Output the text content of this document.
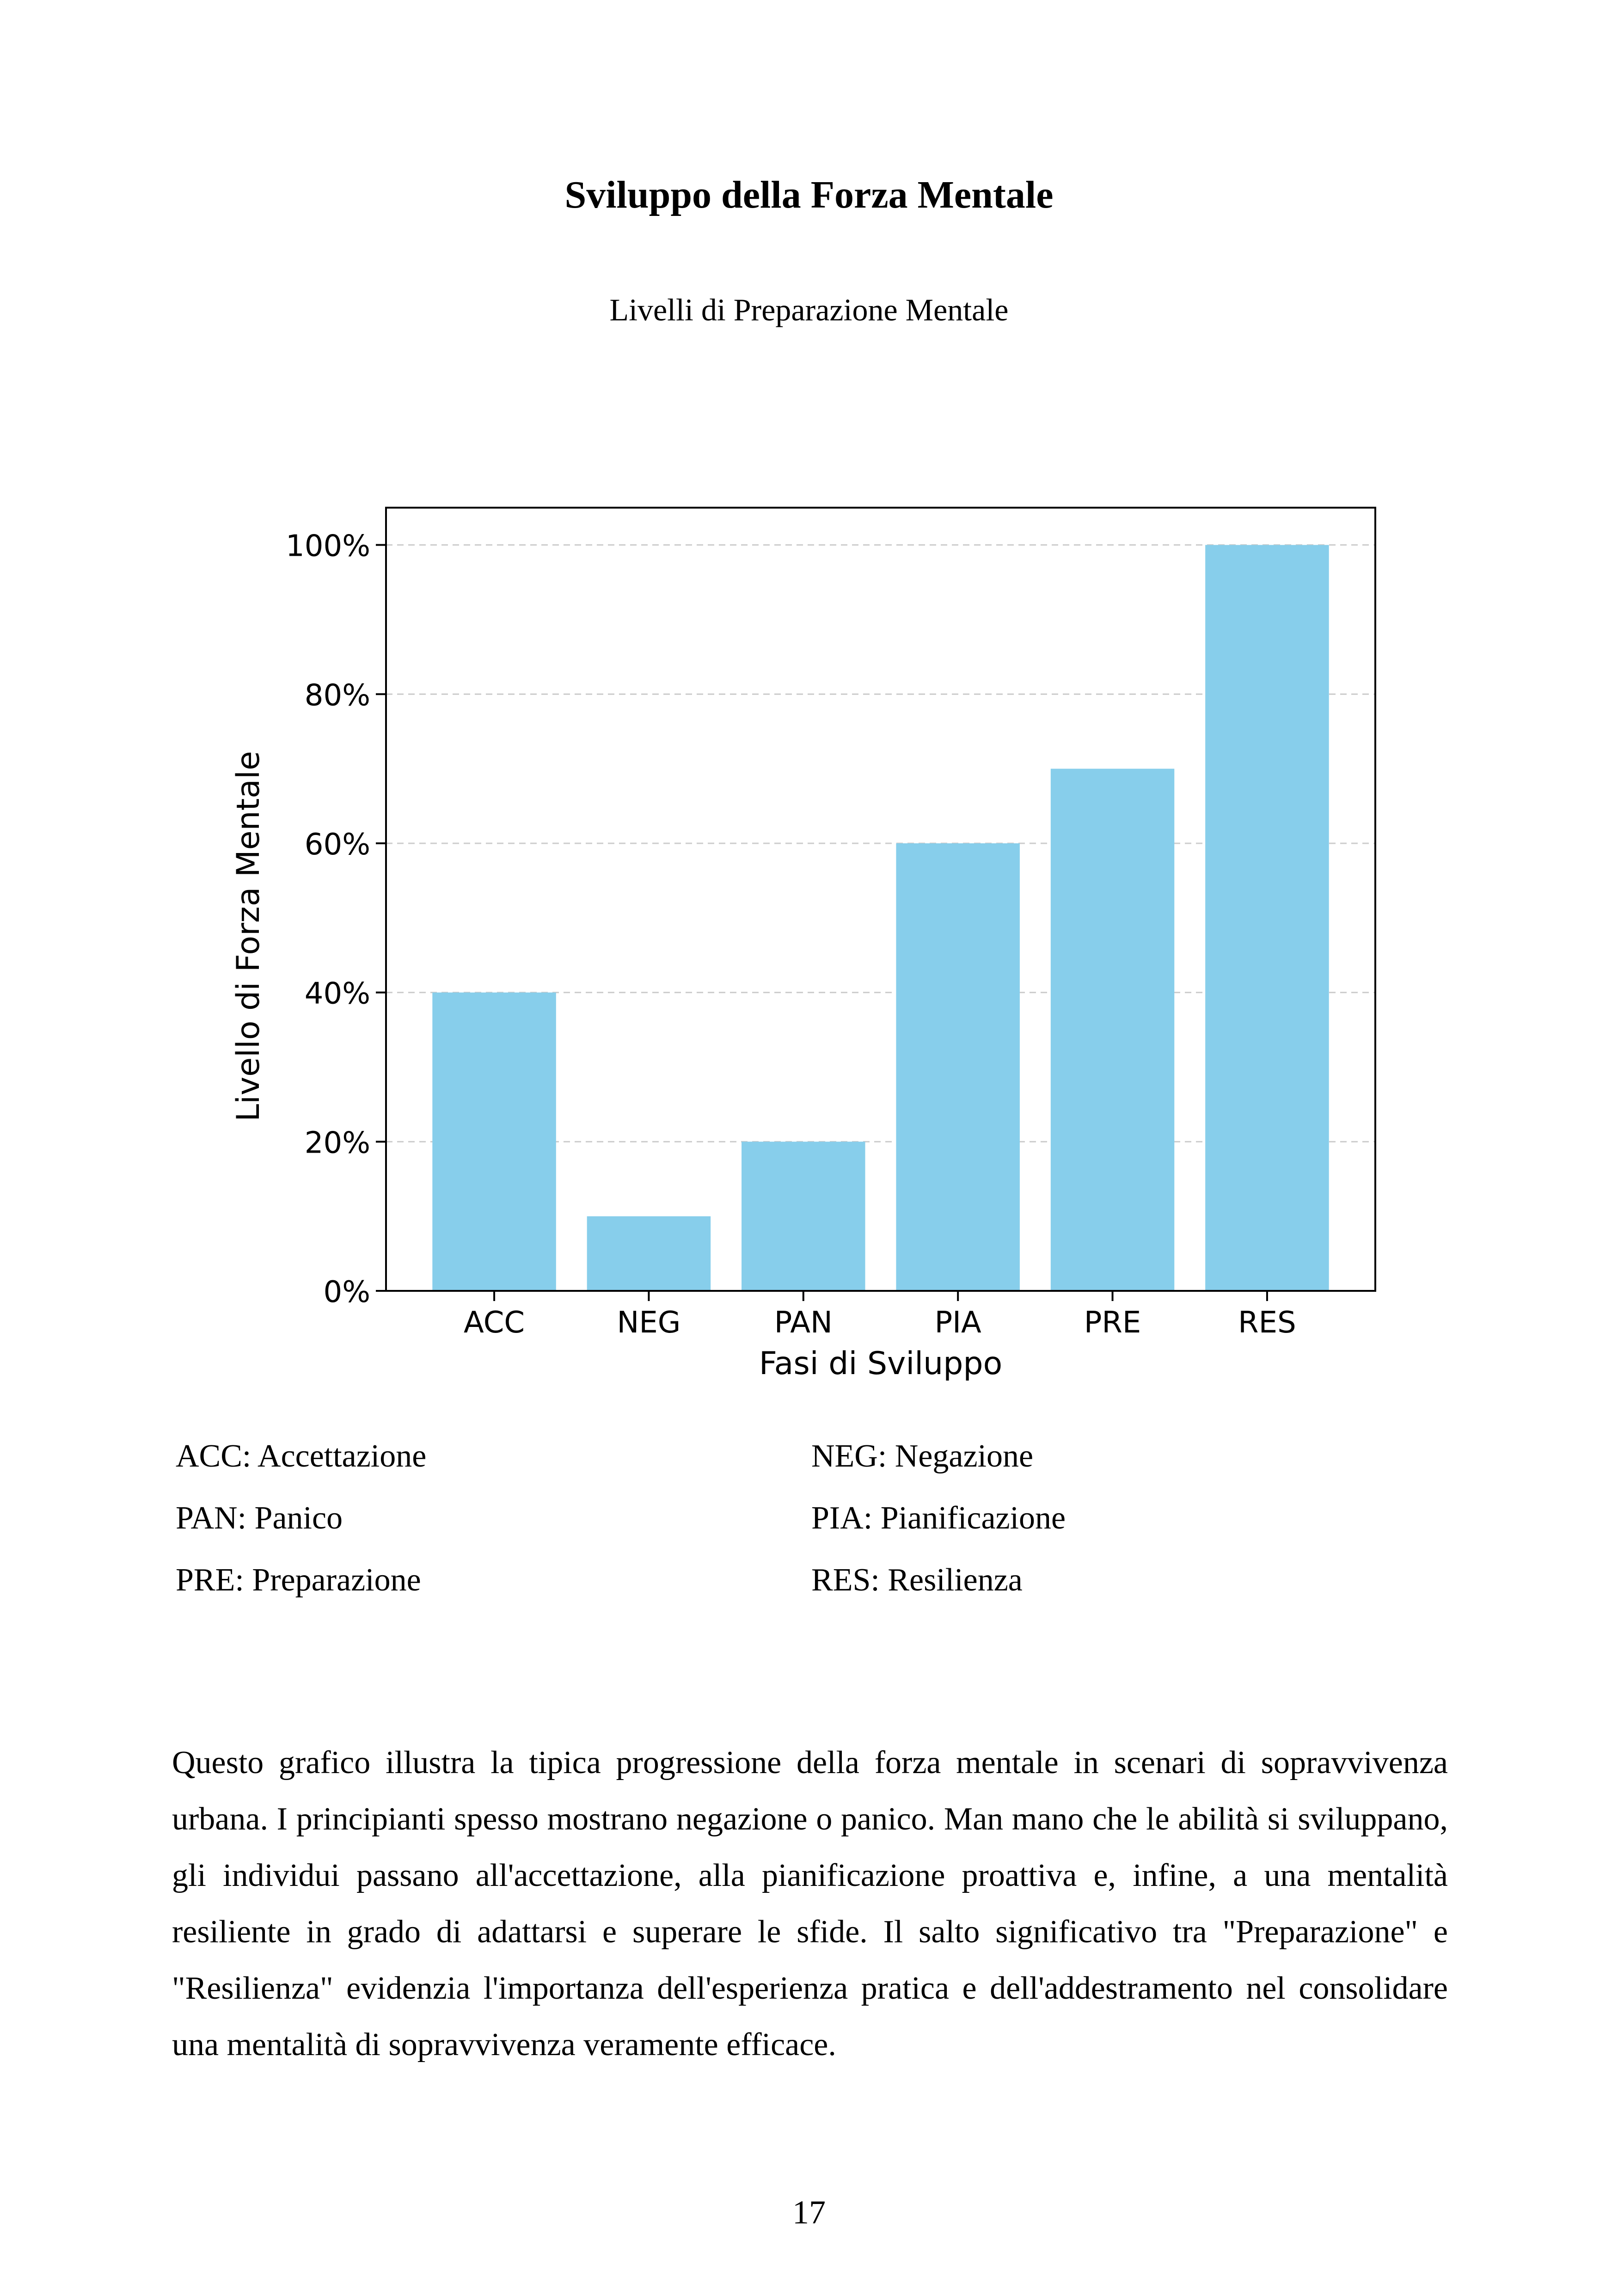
Sviluppo della Forza Mentale
Livelli di Preparazione Mentale
0%
20%
40%
60%
80%
100%
ACC	NEG	PAN	PIA	PRE	RES
Fasi di Sviluppo
Livello di Forza Mentale
ACC: Accettazione	NEG: Negazione
PAN: Panico	PIA: Pianificazione
PRE: Preparazione	RES: Resilienza

Questo grafico illustra la tipica progressione della forza mentale in scenari di sopravvivenza urbana. I principianti spesso mostrano negazione o panico. Man mano che le abilità si sviluppano, gli individui passano all'accettazione, alla pianificazione proattiva e, infine, a una mentalità resiliente in grado di adattarsi e superare le sfide. Il salto significativo tra "Preparazione" e "Resilienza" evidenzia l'importanza dell'esperienza pratica e dell'addestramento nel consolidare una mentalità di sopravvivenza veramente efficace.

17
